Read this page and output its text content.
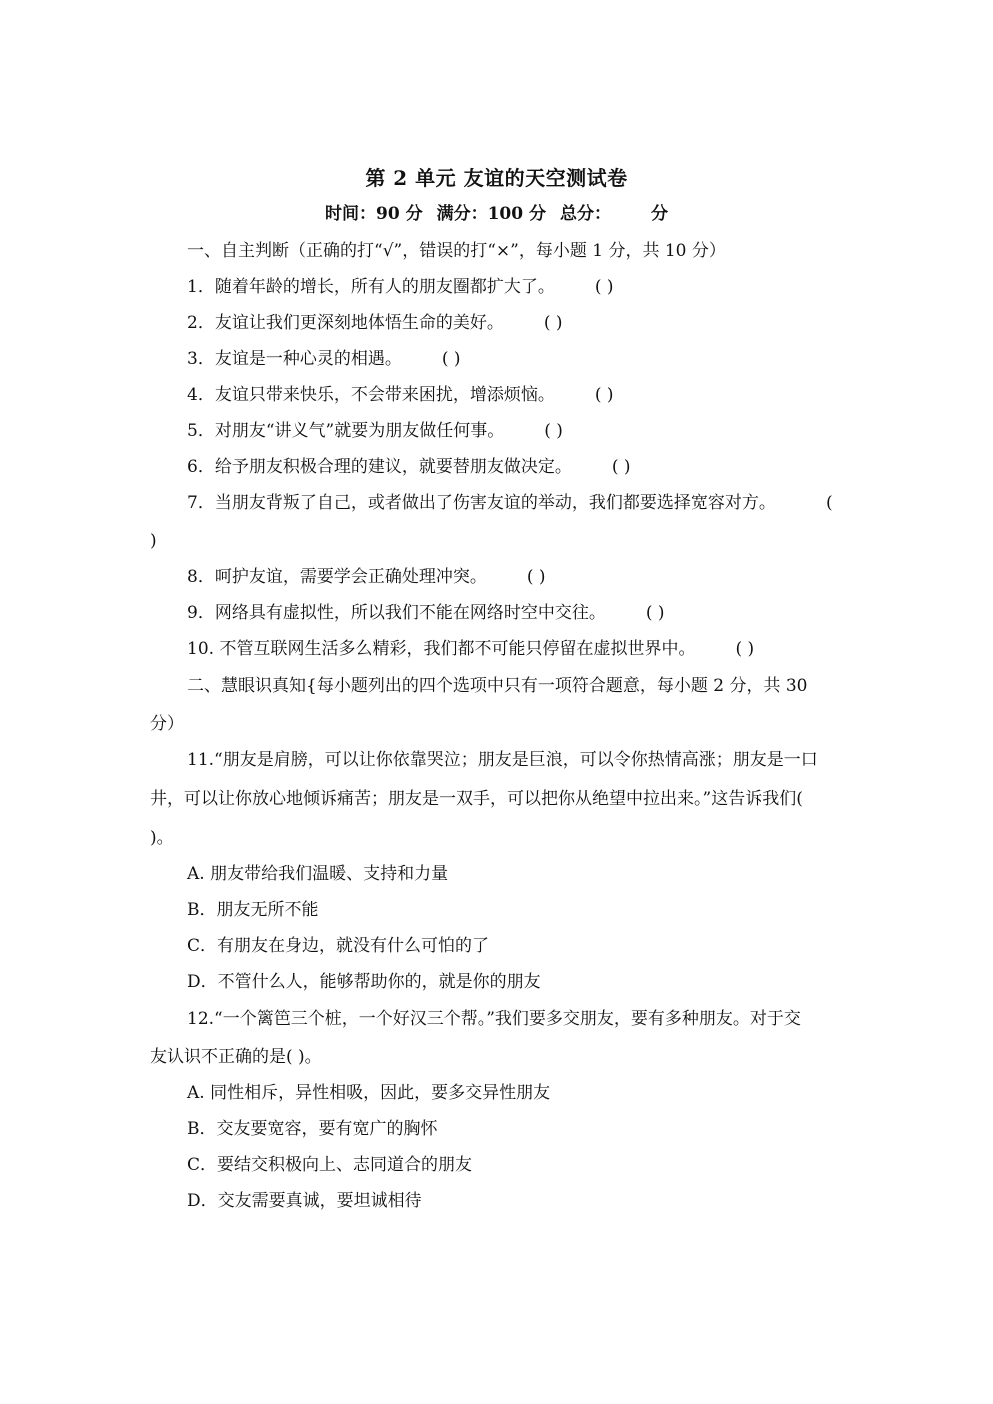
第 2 单元 友谊的天空测试卷
时间：90 分 满分：100 分 总分： 分
一、自主判断（正确的打“√”，错误的打“×”，每小题 1 分，共 10 分）
1．随着年龄的增长，所有人的朋友圈都扩大了。 ( )
2．友谊让我们更深刻地体悟生命的美好。 ( )
3．友谊是一种心灵的相遇。 ( )
4．友谊只带来快乐，不会带来困扰，增添烦恼。 ( )
5．对朋友“讲义气”就要为朋友做任何事。 ( )
6．给予朋友积极合理的建议，就要替朋友做决定。 ( )
7．当朋友背叛了自己，或者做出了伤害友谊的举动，我们都要选择宽容对方。	(
)
8．呵护友谊，需要学会正确处理冲突。 ( )
9．网络具有虚拟性，所以我们不能在网络时空中交往。 ( )
10. 不管互联网生活多么精彩，我们都不可能只停留在虚拟世界中。 ( )
二、慧眼识真知{每小题列出的四个选项中只有一项符合题意，每小题 2 分，共 30
分）
11.“朋友是肩膀，可以让你依靠哭泣；朋友是巨浪，可以令你热情高涨；朋友是一口
井，可以让你放心地倾诉痛苦；朋友是一双手，可以把你从绝望中拉出来。”这告诉我们(
)。
A. 朋友带给我们温暖、支持和力量
B．朋友无所不能
C．有朋友在身边，就没有什么可怕的了
D．不管什么人，能够帮助你的，就是你的朋友
12.“一个篱笆三个桩，一个好汉三个帮。”我们要多交朋友，要有多种朋友。对于交
友认识不正确的是( )。
A. 同性相斥，异性相吸，因此，要多交异性朋友
B．交友要宽容，要有宽广的胸怀
C．要结交积极向上、志同道合的朋友
D．交友需要真诚，要坦诚相待
